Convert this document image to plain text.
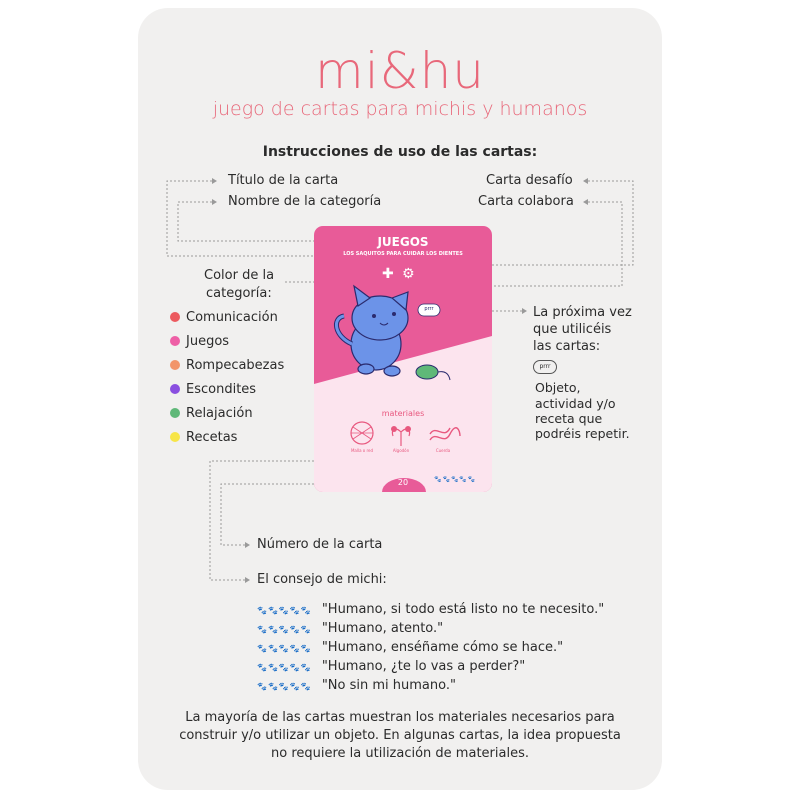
mi&hu
juego de cartas para michis y humanos
Instrucciones de uso de las cartas:
Título de la carta
Nombre de la categoría
Carta desafío
Carta colabora
Color de la
categoría:
Comunicación
Juegos
Rompecabezas
Escondites
Relajación
Recetas
La próxima vez
que utilicéis
las cartas:
prrr
Objeto,
actividad y/o
receta que
podréis repetir.
JUEGOS
LOS SAQUITOS PARA CUIDAR LOS DIENTES
✚ ⚙
prrr
materiales
Malla o red	Algodón	Cuerda
20	🐾🐾🐾🐾🐾
Número de la carta
El consejo de michi:
🐾🐾🐾🐾🐾 "Humano, si todo está listo no te necesito."
🐾🐾🐾🐾🐾 "Humano, atento."
🐾🐾🐾🐾🐾 "Humano, enséñame cómo se hace."
🐾🐾🐾🐾🐾 "Humano, ¿te lo vas a perder?"
🐾🐾🐾🐾🐾 "No sin mi humano."
La mayoría de las cartas muestran los materiales necesarios para
construir y/o utilizar un objeto. En algunas cartas, la idea propuesta
no requiere la utilización de materiales.
